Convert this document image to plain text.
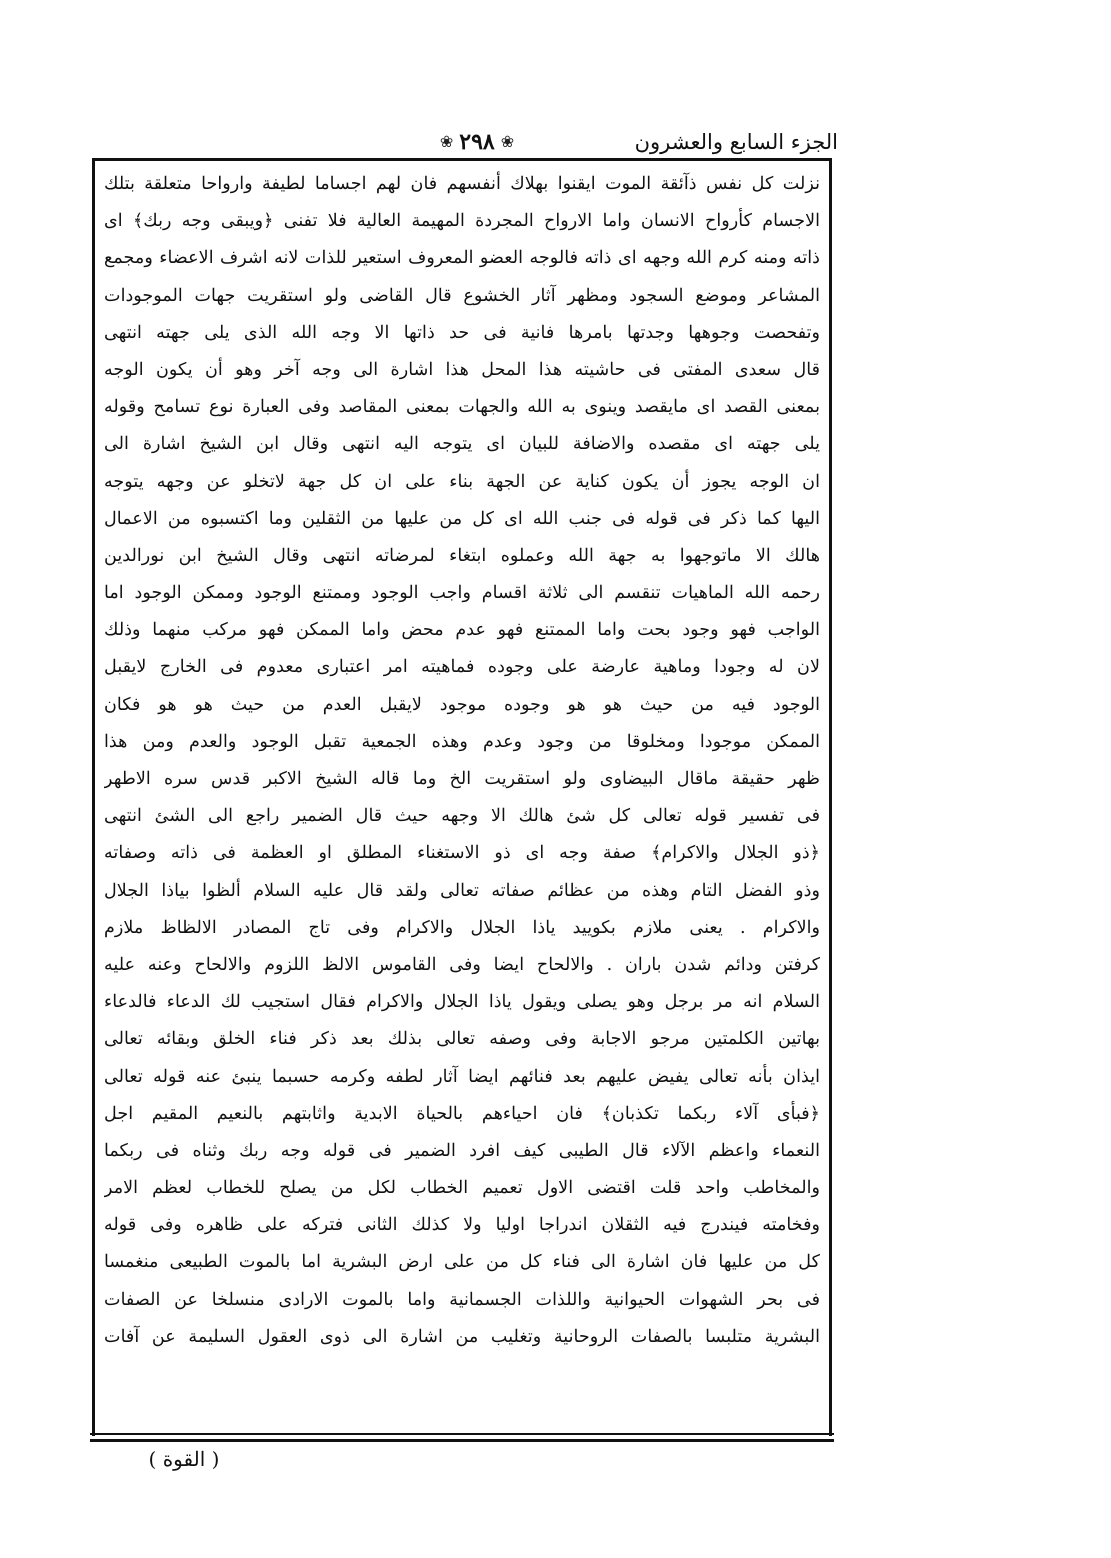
الجزء السابع والعشرون
❀ ٢٩٨ ❀
نزلت كل نفس ذآئقة الموت ايقنوا بهلاك أنفسهم فان لهم اجساما لطيفة وارواحا متعلقة بتلك
الاجسام كأرواح الانسان واما الارواح المجردة المهيمة العالية فلا تفنى ﴿ويبقى وجه ربك﴾ اى
ذاته ومنه كرم الله وجهه اى ذاته فالوجه العضو المعروف استعير للذات لانه اشرف الاعضاء ومجمع
المشاعر وموضع السجود ومظهر آثار الخشوع قال القاضى ولو استقريت جهات الموجودات
وتفحصت وجوهها وجدتها بامرها فانية فى حد ذاتها الا وجه الله الذى يلى جهته انتهى
قال سعدى المفتى فى حاشيته هذا المحل هذا اشارة الى وجه آخر وهو أن يكون الوجه
بمعنى القصد اى مايقصد وينوى به الله والجهات بمعنى المقاصد وفى العبارة نوع تسامح وقوله
يلى جهته اى مقصده والاضافة للبيان اى يتوجه اليه انتهى وقال ابن الشيخ اشارة الى
ان الوجه يجوز أن يكون كناية عن الجهة بناء على ان كل جهة لاتخلو عن وجهه يتوجه
اليها كما ذكر فى قوله فى جنب الله اى كل من عليها من الثقلين وما اكتسبوه من الاعمال
هالك الا ماتوجهوا به جهة الله وعملوه ابتغاء لمرضاته انتهى وقال الشيخ ابن نورالدين
رحمه الله الماهيات تنقسم الى ثلاثة اقسام واجب الوجود وممتنع الوجود وممكن الوجود اما
الواجب فهو وجود بحت واما الممتنع فهو عدم محض واما الممكن فهو مركب منهما وذلك
لان له وجودا وماهية عارضة على وجوده فماهيته امر اعتبارى معدوم فى الخارج لايقبل
الوجود فيه من حيث هو هو وجوده موجود لايقبل العدم من حيث هو هو فكان
الممكن موجودا ومخلوقا من وجود وعدم وهذه الجمعية تقبل الوجود والعدم ومن هذا
ظهر حقيقة ماقال البيضاوى ولو استقريت الخ وما قاله الشيخ الاكبر قدس سره الاطهر
فى تفسير قوله تعالى كل شئ هالك الا وجهه حيث قال الضمير راجع الى الشئ انتهى
﴿ذو الجلال والاكرام﴾ صفة وجه اى ذو الاستغناء المطلق او العظمة فى ذاته وصفاته
وذو الفضل التام وهذه من عظائم صفاته تعالى ولقد قال عليه السلام ألظوا بياذا الجلال
والاكرام . يعنى ملازم بكوييد ياذا الجلال والاكرام وفى تاج المصادر الالظاظ ملازم
كرفتن ودائم شدن باران . والالحاح ايضا وفى القاموس الالظ اللزوم والالحاح وعنه عليه
السلام انه مر برجل وهو يصلى ويقول ياذا الجلال والاكرام فقال استجيب لك الدعاء فالدعاء
بهاتين الكلمتين مرجو الاجابة وفى وصفه تعالى بذلك بعد ذكر فناء الخلق وبقائه تعالى
ايذان بأنه تعالى يفيض عليهم بعد فنائهم ايضا آثار لطفه وكرمه حسبما ينبئ عنه قوله تعالى
﴿فبأى آلاء ربكما تكذبان﴾ فان احياءهم بالحياة الابدية واثابتهم بالنعيم المقيم اجل
النعماء واعظم الآلاء قال الطيبى كيف افرد الضمير فى قوله وجه ربك وثناه فى ربكما
والمخاطب واحد قلت اقتضى الاول تعميم الخطاب لكل من يصلح للخطاب لعظم الامر
وفخامته فيندرج فيه الثقلان اندراجا اوليا ولا كذلك الثانى فتركه على ظاهره وفى قوله
كل من عليها فان اشارة الى فناء كل من على ارض البشرية اما بالموت الطبيعى منغمسا
فى بحر الشهوات الحيوانية واللذات الجسمانية واما بالموت الارادى منسلخا عن الصفات
البشرية متلبسا بالصفات الروحانية وتغليب من اشارة الى ذوى العقول السليمة عن آفات
( القوة )
